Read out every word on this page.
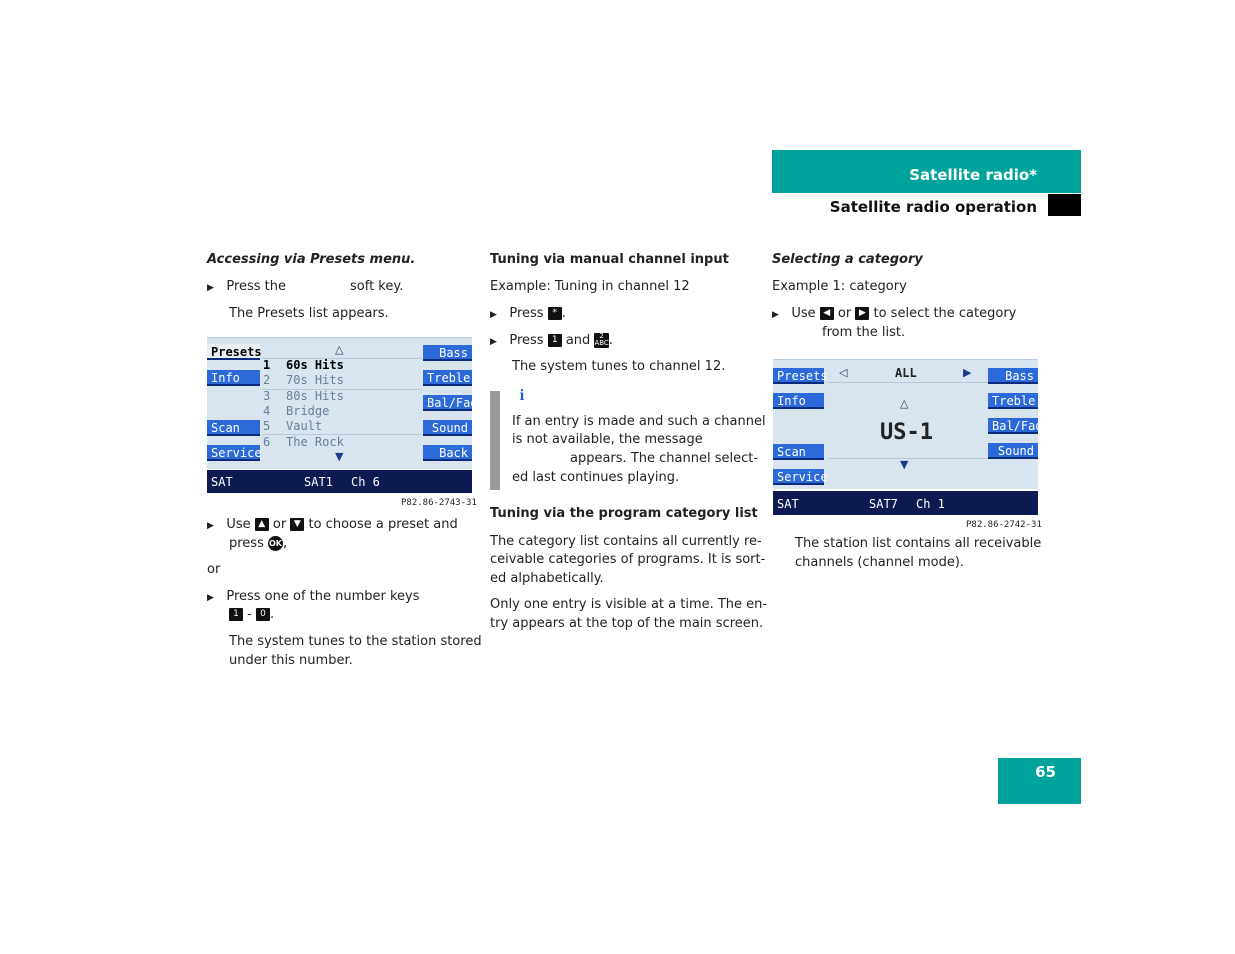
Satellite radio*
Satellite radio operation
Accessing via Presets menu.
▶ Press the	soft key.
The Presets list appears.
Presets
Info
Scan
Service
Bass
Treble
Bal/Fad
Sound
Back
△
▼
1 60s Hits
2 70s Hits
3 80s Hits
4 Bridge
5 Vault
6 The Rock
SAT	SAT1 Ch 6
P82.86-2743-31
▶ Use ▲ or ▼ to choose a preset and
press OK,
or
▶ Press one of the number keys
1 - 0 .
The system tunes to the station stored
under this number.
Tuning via manual channel input
Example: Tuning in channel 12
▶ Press * .
▶ Press 1 and 2
ABC.
The system tunes to channel 12.
i
If an entry is made and such a channel
is not available, the message
appears. The channel select-
ed last continues playing.
Tuning via the program category list
The category list contains all currently re-
ceivable categories of programs. It is sort-
ed alphabetically.
Only one entry is visible at a time. The en-
try appears at the top of the main screen.
Selecting a category
Example 1: category
▶ Use ◀ or ▶ to select the category
from the list.
Presets
Info
Scan
Service
Bass
Treble
Bal/Fad
Sound
◁	ALL	▶
△
US-1
▼
SAT	SAT7 Ch 1
P82.86-2742-31
The station list contains all receivable
channels (channel mode).
65
